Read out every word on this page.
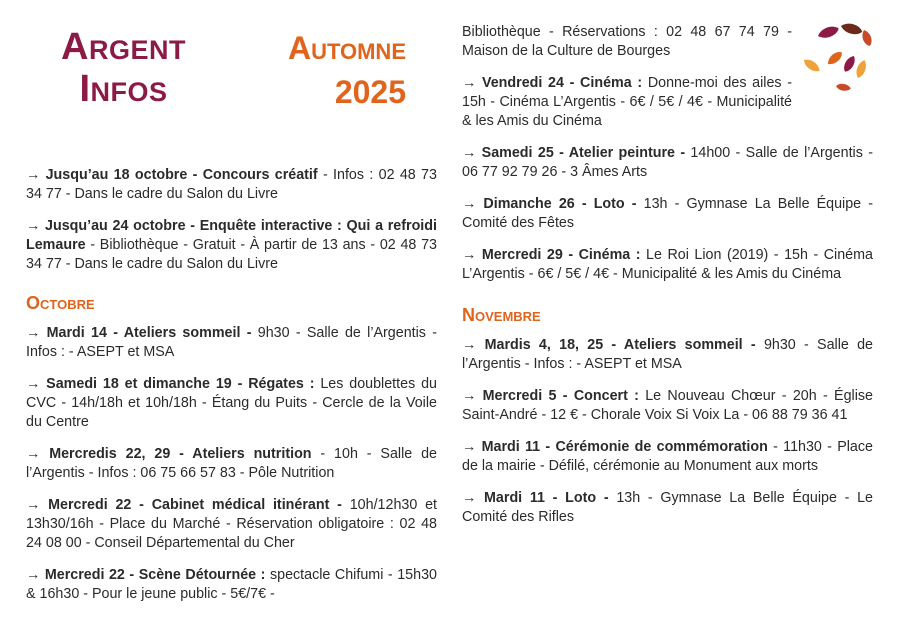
Argent
Infos
Automne
2025

→ Jusqu’au 18 octobre - Concours créatif - Infos : 02 48 73 34 77 - Dans le cadre du Salon du Livre

→ Jusqu’au 24 octobre - Enquête interactive : Qui a refroidi Lemaure - Bibliothèque - Gratuit - À partir de 13 ans - 02 48 73 34 77 - Dans le cadre du Salon du Livre

Octobre

→ Mardi 14 - Ateliers sommeil - 9h30 - Salle de l’Argentis - Infos : - ASEPT et MSA

→ Samedi 18 et dimanche 19 - Régates : Les doublettes du CVC - 14h/18h et 10h/18h - Étang du Puits - Cercle de la Voile du Centre

→ Mercredis 22, 29 - Ateliers nutrition - 10h - Salle de l’Argentis - Infos : 06 75 66 57 83 - Pôle Nutrition

→ Mercredi 22 - Cabinet médical itinérant - 10h/12h30 et 13h30/16h - Place du Marché - Réservation obligatoire : 02 48 24 08 00 - Conseil Départemental du Cher

→ Mercredi 22 - Scène Détournée : spectacle Chifumi - 15h30 & 16h30 - Pour le jeune public - 5€/7€ -

Bibliothèque - Réservations : 02 48 67 74 79 - Maison de la Culture de Bourges

→ Vendredi 24 - Cinéma : Donne-moi des ailes - 15h - Cinéma L’Argentis - 6€ / 5€ / 4€ - Municipalité & les Amis du Cinéma

→ Samedi 25 - Atelier peinture - 14h00 - Salle de l’Argentis - 06 77 92 79 26 - 3 Âmes Arts

→ Dimanche 26 - Loto - 13h - Gymnase La Belle Équipe - Comité des Fêtes

→ Mercredi 29 - Cinéma : Le Roi Lion (2019) - 15h - Cinéma L’Argentis - 6€ / 5€ / 4€ - Municipalité & les Amis du Cinéma

Novembre

→ Mardis 4, 18, 25 - Ateliers sommeil - 9h30 - Salle de l’Argentis - Infos : - ASEPT et MSA

→ Mercredi 5 - Concert : Le Nouveau Chœur - 20h - Église Saint-André - 12 € - Chorale Voix Si Voix La - 06 88 79 36 41

→ Mardi 11 - Cérémonie de commémoration - 11h30 - Place de la mairie - Défilé, cérémonie au Monument aux morts

→ Mardi 11 - Loto - 13h - Gymnase La Belle Équipe - Le Comité des Rifles
